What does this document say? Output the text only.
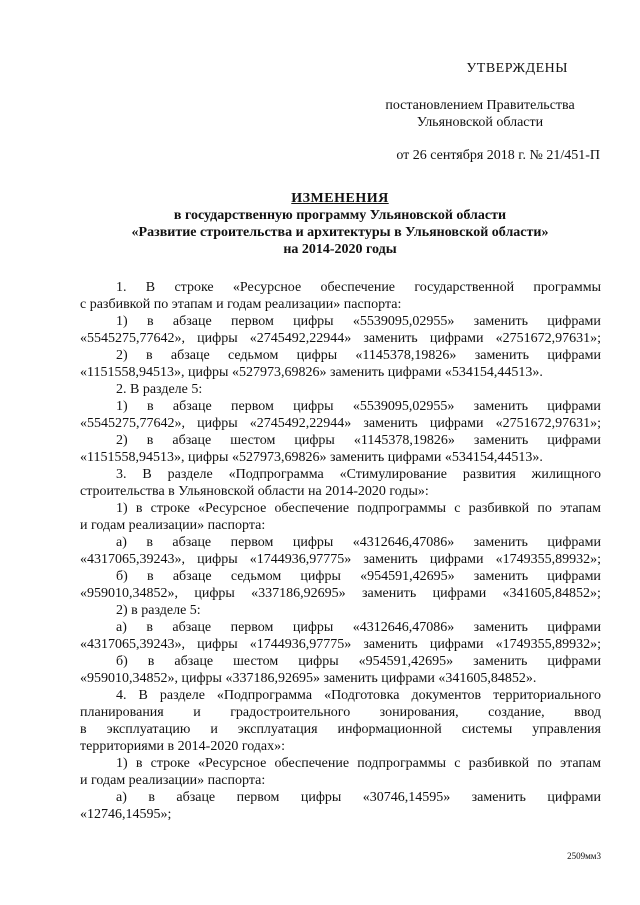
УТВЕРЖДЕНЫ
постановлением Правительства
Ульяновской области
от 26 сентября 2018 г. № 21/451-П
ИЗМЕНЕНИЯ
в государственную программу Ульяновской области
«Развитие строительства и архитектуры в Ульяновской области»
на 2014-2020 годы
1. В строке «Ресурсное обеспечение государственной программы
с разбивкой по этапам и годам реализации» паспорта:
1) в абзаце первом цифры «5539095,02955» заменить цифрами
«5545275,77642», цифры «2745492,22944» заменить цифрами «2751672,97631»;
2) в абзаце седьмом цифры «1145378,19826» заменить цифрами
«1151558,94513», цифры «527973,69826» заменить цифрами «534154,44513».
2. В разделе 5:
1) в абзаце первом цифры «5539095,02955» заменить цифрами
«5545275,77642», цифры «2745492,22944» заменить цифрами «2751672,97631»;
2) в абзаце шестом цифры «1145378,19826» заменить цифрами
«1151558,94513», цифры «527973,69826» заменить цифрами «534154,44513».
3. В разделе «Подпрограмма «Стимулирование развития жилищного
строительства в Ульяновской области на 2014-2020 годы»:
1) в строке «Ресурсное обеспечение подпрограммы с разбивкой по этапам
и годам реализации» паспорта:
а) в абзаце первом цифры «4312646,47086» заменить цифрами
«4317065,39243», цифры «1744936,97775» заменить цифрами «1749355,89932»;
б) в абзаце седьмом цифры «954591,42695» заменить цифрами
«959010,34852», цифры «337186,92695» заменить цифрами «341605,84852»;
2) в разделе 5:
а) в абзаце первом цифры «4312646,47086» заменить цифрами
«4317065,39243», цифры «1744936,97775» заменить цифрами «1749355,89932»;
б) в абзаце шестом цифры «954591,42695» заменить цифрами
«959010,34852», цифры «337186,92695» заменить цифрами «341605,84852».
4. В разделе «Подпрограмма «Подготовка документов территориального
планирования и градостроительного зонирования, создание, ввод
в эксплуатацию и эксплуатация информационной системы управления
территориями в 2014-2020 годах»:
1) в строке «Ресурсное обеспечение подпрограммы с разбивкой по этапам
и годам реализации» паспорта:
а) в абзаце первом цифры «30746,14595» заменить цифрами
«12746,14595»;
2509мм3
